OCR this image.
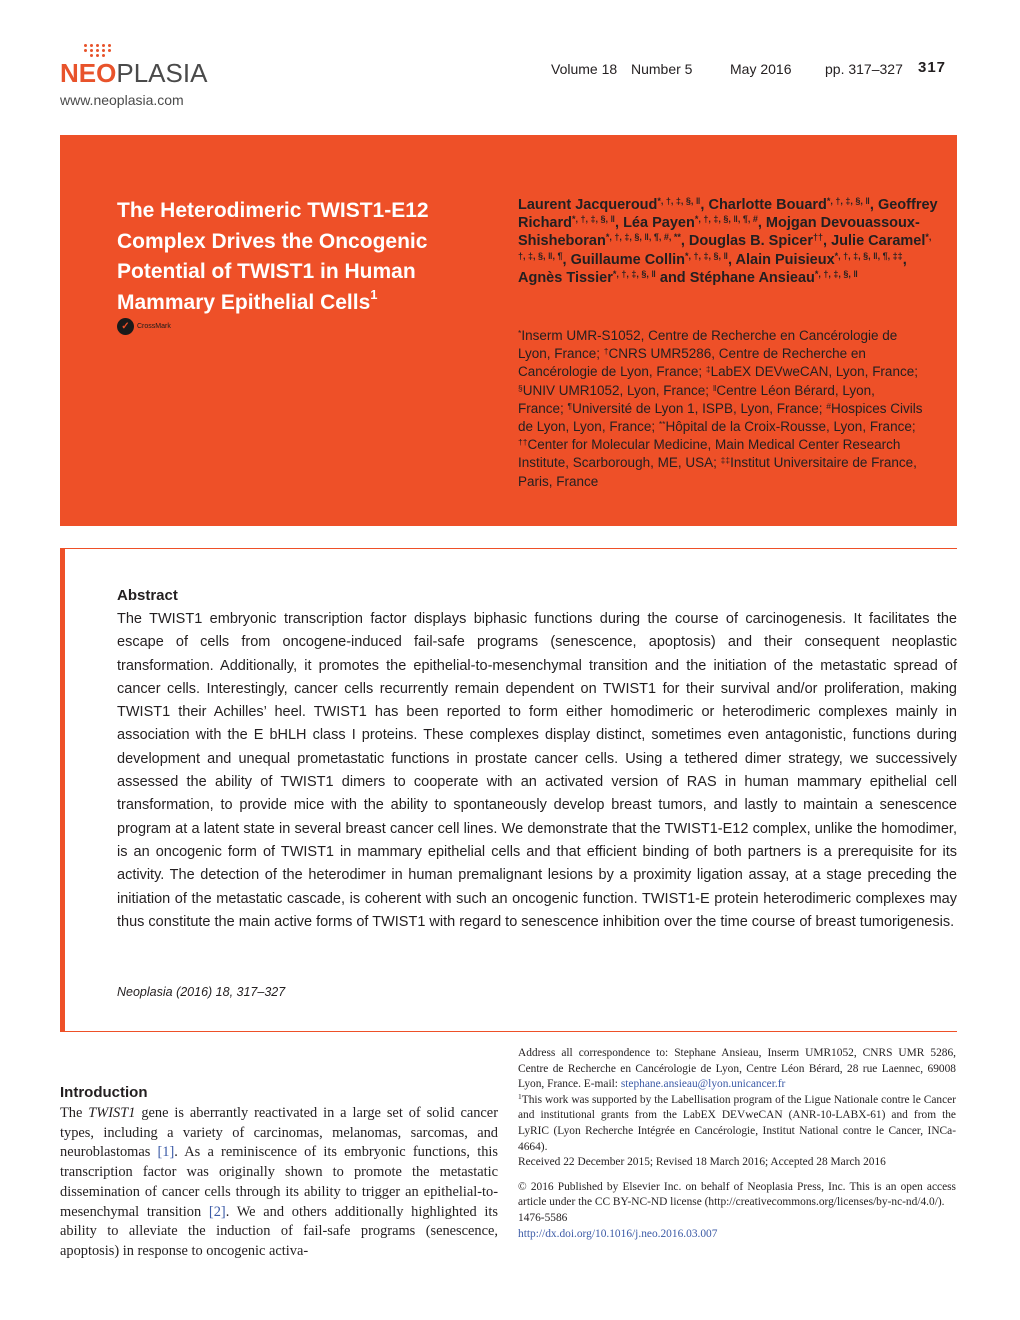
NEOPLASIA
www.neoplasia.com
Volume 18 Number 5	May 2016 pp. 317–327 317
The Heterodimeric TWIST1-E12 Complex Drives the Oncogenic Potential of TWIST1 in Human Mammary Epithelial Cells$^1$
✓	CrossMark
Laurent Jacqueroud*, †, ‡, §, ‖, Charlotte Bouard*, †, ‡, §, ‖, Geoffrey Richard*, †, ‡, §, ‖, Léa Payen*, †, ‡, §, ‖, ¶, #, Mojgan Devouassoux-Shisheboran*, †, ‡, §, ‖, ¶, #, **, Douglas B. Spicer††, Julie Caramel*, †, ‡, §, ‖, ¶, Guillaume Collin*, †, ‡, §, ‖, Alain Puisieux*, †, ‡, §, ‖, ¶, ‡‡, Agnès Tissier*, †, ‡, §, ‖ and Stéphane Ansieau*, †, ‡, §, ‖
*Inserm UMR-S1052, Centre de Recherche en Cancérologie de Lyon, France; †CNRS UMR5286, Centre de Recherche en Cancérologie de Lyon, France; ‡LabEX DEVweCAN, Lyon, France; §UNIV UMR1052, Lyon, France; ‖Centre Léon Bérard, Lyon, France; ¶Université de Lyon 1, ISPB, Lyon, France; #Hospices Civils de Lyon, Lyon, France; **Hôpital de la Croix-Rousse, Lyon, France; ††Center for Molecular Medicine, Main Medical Center Research Institute, Scarborough, ME, USA; ‡‡Institut Universitaire de France, Paris, France
Abstract
The TWIST1 embryonic transcription factor displays biphasic functions during the course of carcinogenesis. It facilitates the escape of cells from oncogene-induced fail-safe programs (senescence, apoptosis) and their consequent neoplastic transformation. Additionally, it promotes the epithelial-to-mesenchymal transition and the initiation of the metastatic spread of cancer cells. Interestingly, cancer cells recurrently remain dependent on TWIST1 for their survival and/or proliferation, making TWIST1 their Achilles’ heel. TWIST1 has been reported to form either homodimeric or heterodimeric complexes mainly in association with the E bHLH class I proteins. These complexes display distinct, sometimes even antagonistic, functions during development and unequal prometastatic functions in prostate cancer cells. Using a tethered dimer strategy, we successively assessed the ability of TWIST1 dimers to cooperate with an activated version of RAS in human mammary epithelial cell transformation, to provide mice with the ability to spontaneously develop breast tumors, and lastly to maintain a senescence program at a latent state in several breast cancer cell lines. We demonstrate that the TWIST1-E12 complex, unlike the homodimer, is an oncogenic form of TWIST1 in mammary epithelial cells and that efficient binding of both partners is a prerequisite for its activity. The detection of the heterodimer in human premalignant lesions by a proximity ligation assay, at a stage preceding the initiation of the metastatic cascade, is coherent with such an oncogenic function. TWIST1-E protein heterodimeric complexes may thus constitute the main active forms of TWIST1 with regard to senescence inhibition over the time course of breast tumorigenesis.
Neoplasia (2016) 18, 317–327
Introduction
The TWIST1 gene is aberrantly reactivated in a large set of solid cancer types, including a variety of carcinomas, melanomas, sarcomas, and neuroblastomas [1]. As a reminiscence of its embryonic functions, this transcription factor was originally shown to promote the metastatic dissemination of cancer cells through its ability to trigger an epithelial-to-mesenchymal transition [2]. We and others additionally highlighted its ability to alleviate the induction of fail-safe programs (senescence, apoptosis) in response to oncogenic activa-

Address all correspondence to: Stephane Ansieau, Inserm UMR1052, CNRS UMR 5286, Centre de Recherche en Cancérologie de Lyon, Centre Léon Bérard, 28 rue Laennec, 69008 Lyon, France. E-mail: stephane.ansieau@lyon.unicancer.fr

$^1$This work was supported by the Labellisation program of the Ligue Nationale contre le Cancer and institutional grants from the LabEX DEVweCAN (ANR-10-LABX-61) and from the LyRIC (Lyon Recherche Intégrée en Cancérologie, Institut National contre le Cancer, INCa-4664).

Received 22 December 2015; Revised 18 March 2016; Accepted 28 March 2016

© 2016 Published by Elsevier Inc. on behalf of Neoplasia Press, Inc. This is an open access article under the CC BY-NC-ND license (http://creativecommons.org/licenses/by-nc-nd/4.0/).

1476-5586

http://dx.doi.org/10.1016/j.neo.2016.03.007
